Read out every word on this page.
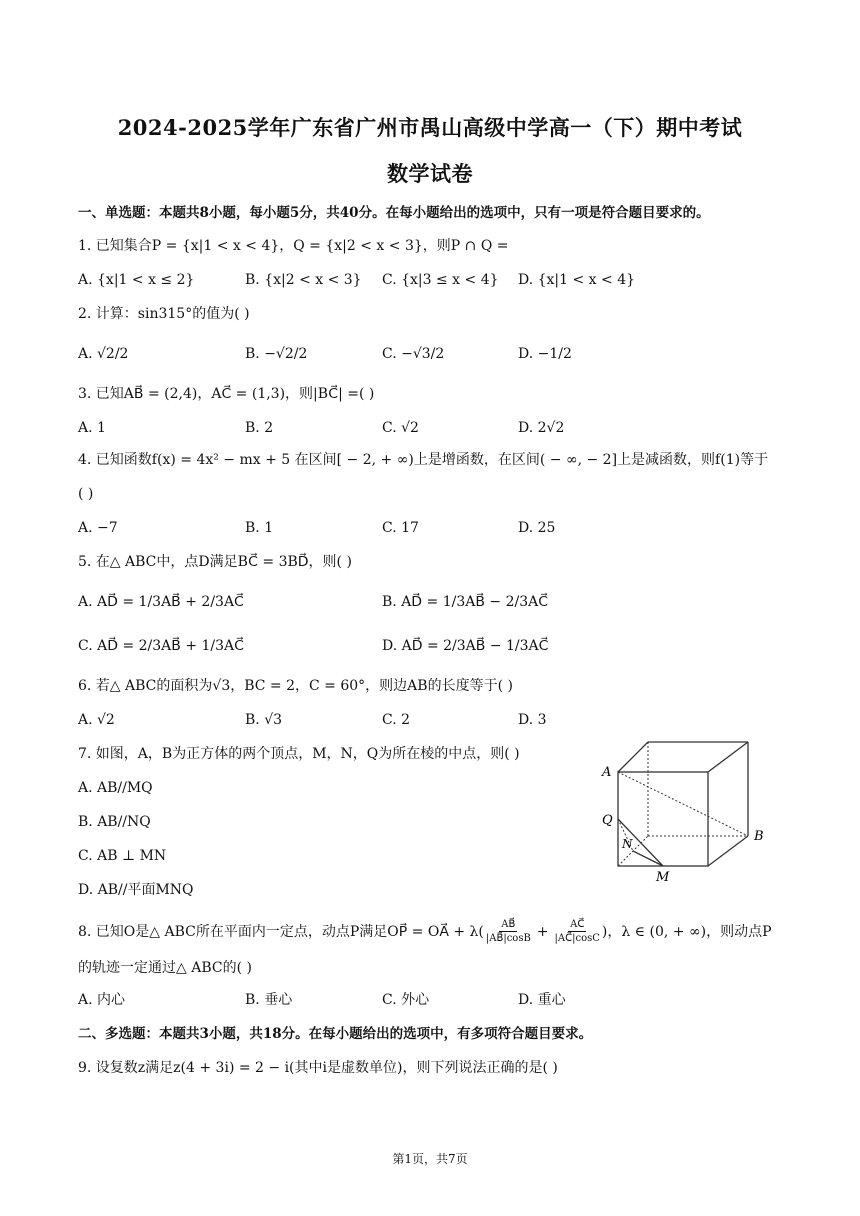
2024-2025学年广东省广州市禺山高级中学高一（下）期中考试
数学试卷
一、单选题：本题共8小题，每小题5分，共40分。在每小题给出的选项中，只有一项是符合题目要求的。
1. 已知集合P = {x|1 < x < 4}，Q = {x|2 < x < 3}，则P ∩ Q =
A. {x|1 < x ≤ 2}	B. {x|2 < x < 3} C. {x|3 ≤ x < 4} D. {x|1 < x < 4}
2. 计算：sin315°的值为( )
A. √2/2	B. −√2/2	C. −√3/2	D. −1/2
3. 已知AB⃗ = (2,4)，AC⃗ = (1,3)，则|BC⃗| =( )
A. 1	B. 2	C. √2	D. 2√2
4. 已知函数f(x) = 4x² − mx + 5 在区间[ − 2, + ∞)上是增函数，在区间( − ∞, − 2]上是减函数，则f(1)等于
( )
A. −7	B. 1	C. 17	D. 25
5. 在△ ABC中，点D满足BC⃗ = 3BD⃗，则( )
A. AD⃗ = 1/3AB⃗ + 2/3AC⃗	B. AD⃗ = 1/3AB⃗ − 2/3AC⃗
C. AD⃗ = 2/3AB⃗ + 1/3AC⃗	D. AD⃗ = 2/3AB⃗ − 1/3AC⃗
6. 若△ ABC的面积为√3，BC = 2，C = 60°，则边AB的长度等于( )
A. √2	B. √3	C. 2	D. 3
7. 如图，A，B为正方体的两个顶点，M，N，Q为所在棱的中点，则( )
A. AB//MQ
B. AB//NQ
C. AB ⊥ MN
D. AB//平面MNQ
A
B
Q
N
M
8. 已知O是△ ABC所在平面内一定点，动点P满足OP⃗ = OA⃗ + $\lambda( \frac{AB⃗}{|AB⃗|\cos B} + \frac{AC⃗}{|AC⃗|\cos C}$ )，λ ∈ (0, + ∞)，则动点P
的轨迹一定通过△ ABC的( )
A. 内心	B. 垂心	C. 外心	D. 重心
二、多选题：本题共3小题，共18分。在每小题给出的选项中，有多项符合题目要求。
9. 设复数z满足z(4 + 3i) = 2 − i(其中i是虚数单位)，则下列说法正确的是( )
第1页，共7页
